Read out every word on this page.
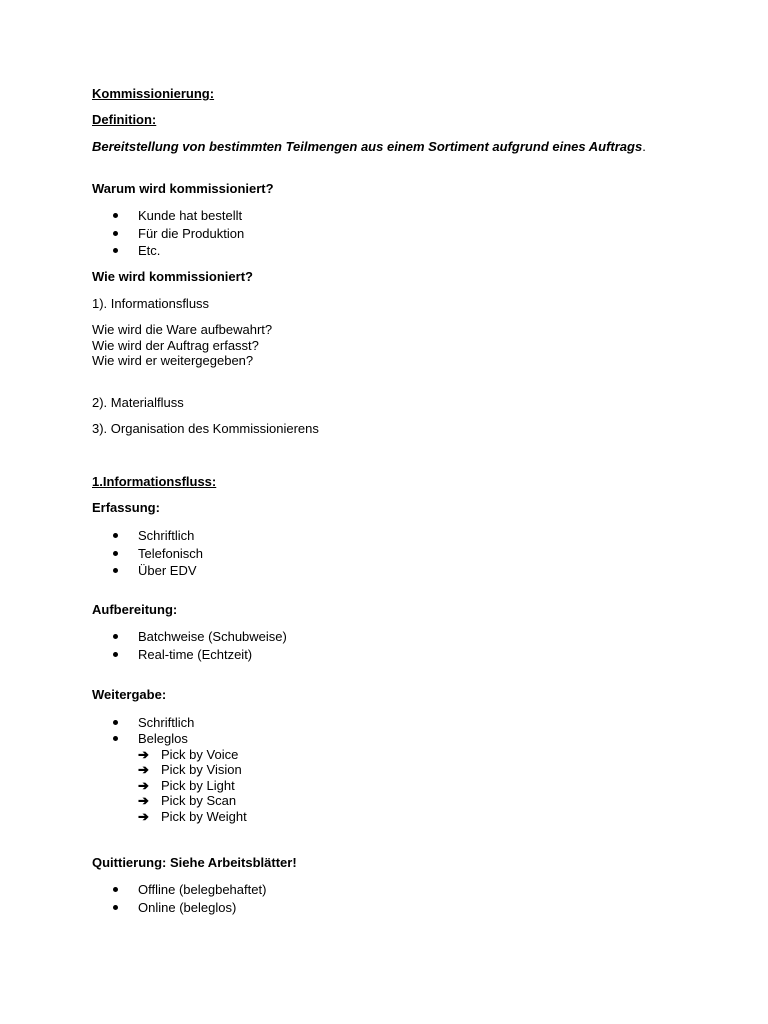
Kommissionierung:

Definition:

Bereitstellung von bestimmten Teilmengen aus einem Sortiment aufgrund eines Auftrags.

Warum wird kommissioniert?

Kunde hat bestellt
Für die Produktion
Etc.

Wie wird kommissioniert?

1). Informationsfluss

Wie wird die Ware aufbewahrt?

Wie wird der Auftrag erfasst?

Wie wird er weitergegeben?

2). Materialfluss

3). Organisation des Kommissionierens

1.Informationsfluss:

Erfassung:

Schriftlich
Telefonisch
Über EDV

Aufbereitung:

Batchweise (Schubweise)
Real-time (Echtzeit)

Weitergabe:

Schriftlich
Beleglos
➔ Pick by Voice
➔ Pick by Vision
➔ Pick by Light
➔ Pick by Scan
➔ Pick by Weight

Quittierung: Siehe Arbeitsblätter!

Offline (belegbehaftet)
Online (beleglos)
